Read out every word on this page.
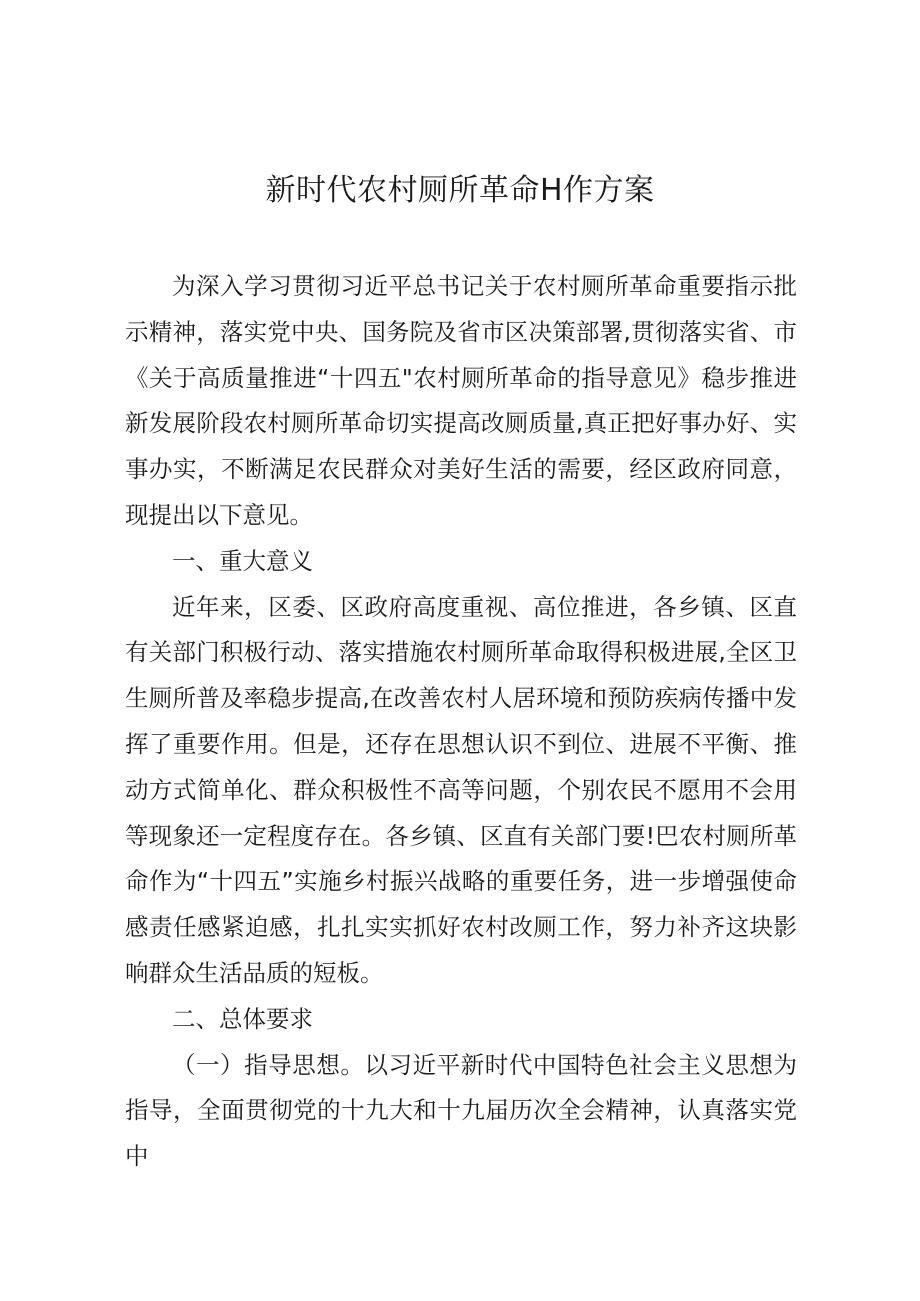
新时代农村厕所革命H作方案

为深入学习贯彻习近平总书记关于农村厕所革命重要指示批示精神，落实党中央、国务院及省市区决策部署,贯彻落实省、市《关于高质量推进“十四五"农村厕所革命的指导意见》稳步推进新发展阶段农村厕所革命切实提高改厕质量,真正把好事办好、实事办实，不断满足农民群众对美好生活的需要，经区政府同意，现提出以下意见。

一、重大意义

近年来，区委、区政府高度重视、高位推进，各乡镇、区直有关部门积极行动、落实措施农村厕所革命取得积极进展,全区卫生厕所普及率稳步提高,在改善农村人居环境和预防疾病传播中发挥了重要作用。但是，还存在思想认识不到位、进展不平衡、推动方式简单化、群众积极性不高等问题，个别农民不愿用不会用等现象还一定程度存在。各乡镇、区直有关部门要!巴农村厕所革命作为“十四五”实施乡村振兴战略的重要任务，进一步增强使命感责任感紧迫感，扎扎实实抓好农村改厕工作，努力补齐这块影响群众生活品质的短板。

二、总体要求

（一）指导思想。以习近平新时代中国特色社会主义思想为指导，全面贯彻党的十九大和十九届历次全会精神，认真落实党中
